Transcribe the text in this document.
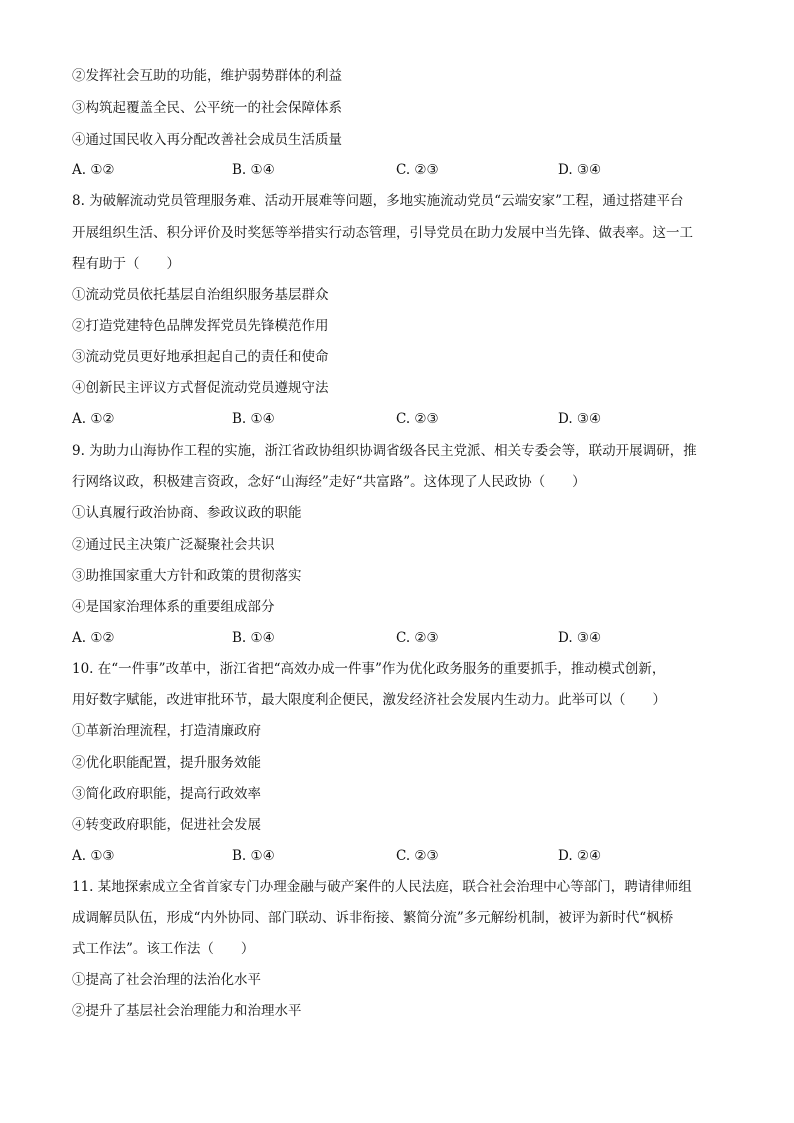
②发挥社会互助的功能，维护弱势群体的利益
③构筑起覆盖全民、公平统一的社会保障体系
④通过国民收入再分配改善社会成员生活质量
A. ①②	B. ①④	C. ②③	D. ③④
8. 为破解流动党员管理服务难、活动开展难等问题，多地实施流动党员“云端安家”工程，通过搭建平台
开展组织生活、积分评价及时奖惩等举措实行动态管理，引导党员在助力发展中当先锋、做表率。这一工
程有助于（　　）
①流动党员依托基层自治组织服务基层群众
②打造党建特色品牌发挥党员先锋模范作用
③流动党员更好地承担起自己的责任和使命
④创新民主评议方式督促流动党员遵规守法
A. ①②	B. ①④	C. ②③	D. ③④
9. 为助力山海协作工程的实施，浙江省政协组织协调省级各民主党派、相关专委会等，联动开展调研，推
行网络议政，积极建言资政，念好“山海经”走好“共富路”。这体现了人民政协（　　）
①认真履行政治协商、参政议政的职能
②通过民主决策广泛凝聚社会共识
③助推国家重大方针和政策的贯彻落实
④是国家治理体系的重要组成部分
A. ①②	B. ①④	C. ②③	D. ③④
10. 在“一件事”改革中，浙江省把“高效办成一件事”作为优化政务服务的重要抓手，推动模式创新，
用好数字赋能，改进审批环节，最大限度利企便民，激发经济社会发展内生动力。此举可以（　　）
①革新治理流程，打造清廉政府
②优化职能配置，提升服务效能
③简化政府职能，提高行政效率
④转变政府职能，促进社会发展
A. ①③	B. ①④	C. ②③	D. ②④
11. 某地探索成立全省首家专门办理金融与破产案件的人民法庭，联合社会治理中心等部门，聘请律师组
成调解员队伍，形成“内外协同、部门联动、诉非衔接、繁简分流”多元解纷机制，被评为新时代“枫桥
式工作法”。该工作法（　　）
①提高了社会治理的法治化水平
②提升了基层社会治理能力和治理水平
